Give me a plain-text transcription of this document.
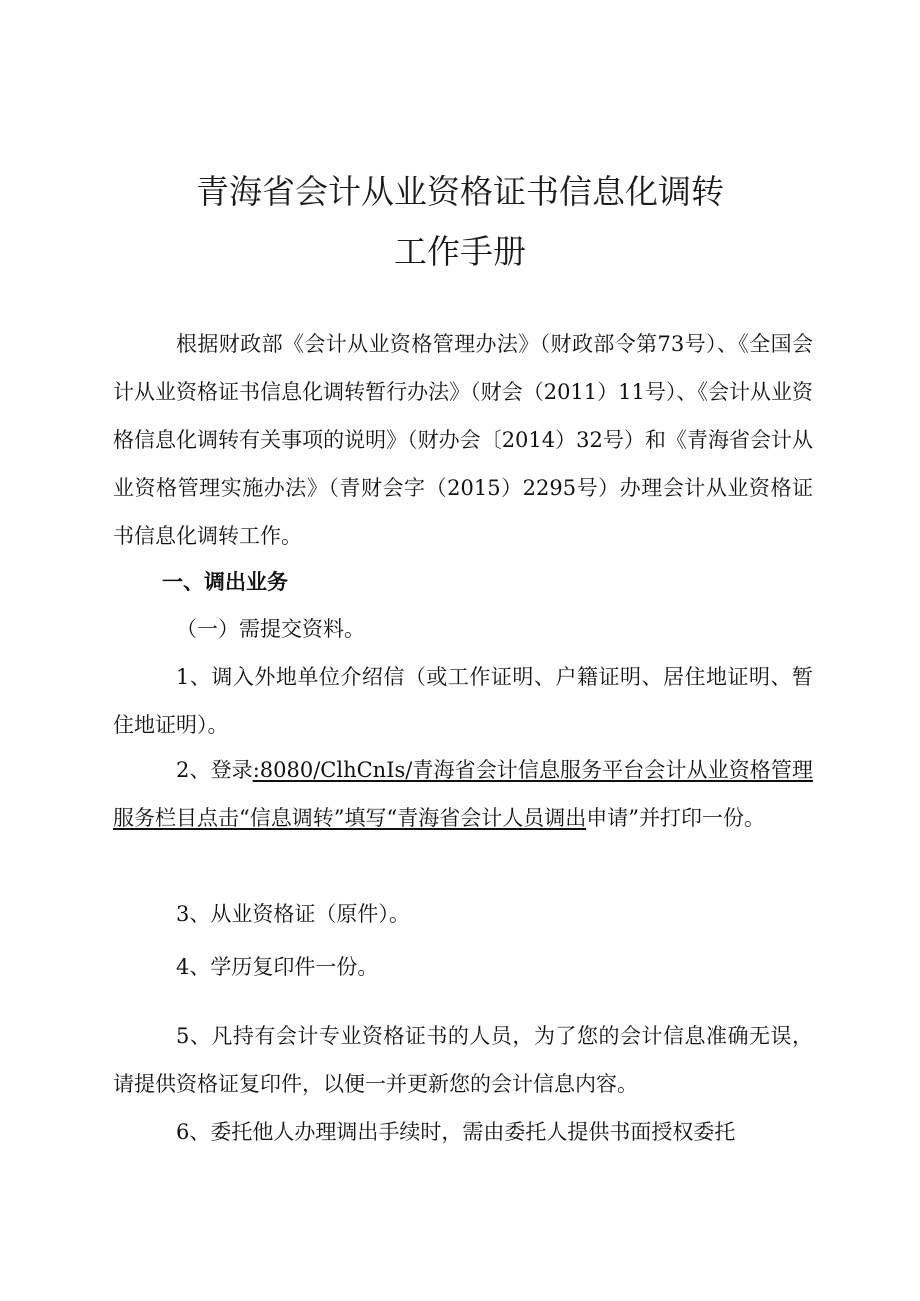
青海省会计从业资格证书信息化调转
工作手册

根据财政部《会计从业资格管理办法》（财政部令第73号）、《全国会计从业资格证书信息化调转暂行办法》（财会（2011）11号）、《会计从业资格信息化调转有关事项的说明》（财办会〔2014）32号）和《青海省会计从业资格管理实施办法》（青财会字（2015）2295号）办理会计从业资格证书信息化调转工作。

一、调出业务
（一）需提交资料。

1、调入外地单位介绍信（或工作证明、户籍证明、居住地证明、暂住地证明）。

2、登录:8080/ClhCnIs/青海省会计信息服务平台会计从业资格管理服务栏目点击“信息调转”填写“青海省会计人员调出申请”并打印一份。

3、从业资格证（原件）。

4、学历复印件一份。

5、凡持有会计专业资格证书的人员，为了您的会计信息准确无误，请提供资格证复印件，以便一并更新您的会计信息内容。

6、委托他人办理调出手续时，需由委托人提供书面授权委托
